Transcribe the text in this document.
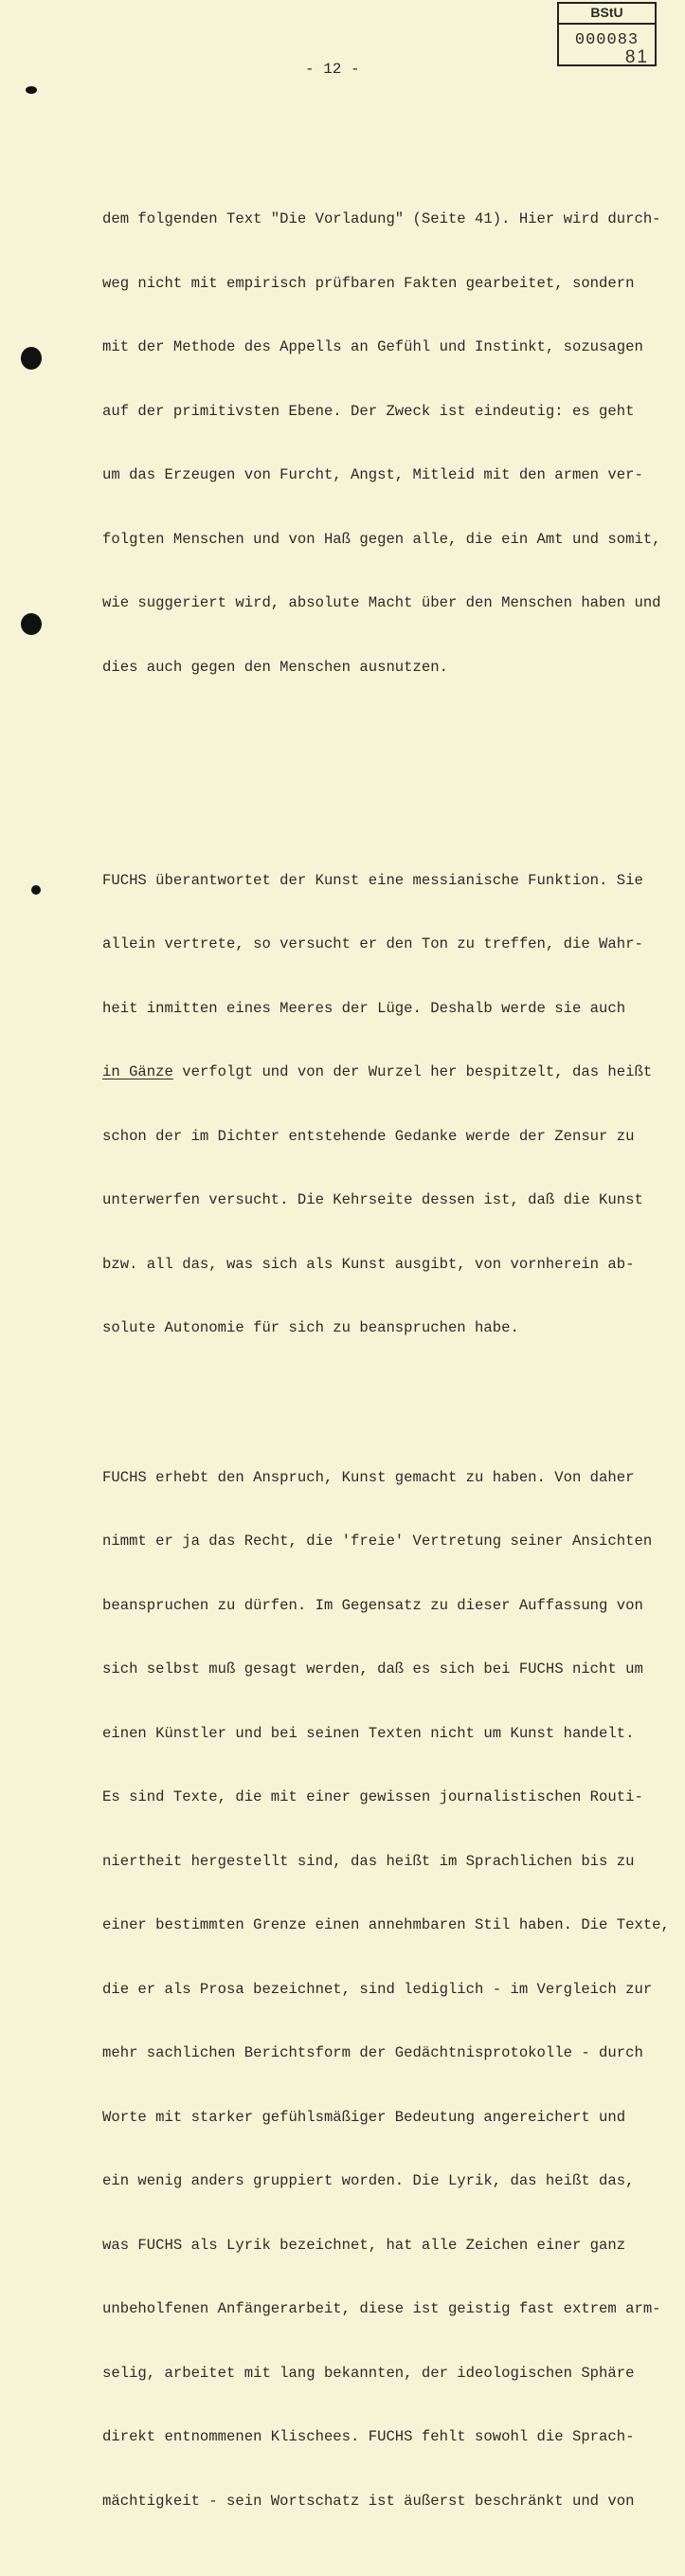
BStU
000083
81
- 12 -

dem folgenden Text "Die Vorladung" (Seite 41). Hier wird durch-

weg nicht mit empirisch prüfbaren Fakten gearbeitet, sondern

mit der Methode des Appells an Gefühl und Instinkt, sozusagen

auf der primitivsten Ebene. Der Zweck ist eindeutig: es geht

um das Erzeugen von Furcht, Angst, Mitleid mit den armen ver-

folgten Menschen und von Haß gegen alle, die ein Amt und somit,

wie suggeriert wird, absolute Macht über den Menschen haben und

dies auch gegen den Menschen ausnutzen.

FUCHS überantwortet der Kunst eine messianische Funktion. Sie

allein vertrete, so versucht er den Ton zu treffen, die Wahr-

heit inmitten eines Meeres der Lüge. Deshalb werde sie auch

in Gänze verfolgt und von der Wurzel her bespitzelt, das heißt

schon der im Dichter entstehende Gedanke werde der Zensur zu

unterwerfen versucht. Die Kehrseite dessen ist, daß die Kunst

bzw. all das, was sich als Kunst ausgibt, von vornherein ab-

solute Autonomie für sich zu beanspruchen habe.

FUCHS erhebt den Anspruch, Kunst gemacht zu haben. Von daher

nimmt er ja das Recht, die 'freie' Vertretung seiner Ansichten

beanspruchen zu dürfen. Im Gegensatz zu dieser Auffassung von

sich selbst muß gesagt werden, daß es sich bei FUCHS nicht um

einen Künstler und bei seinen Texten nicht um Kunst handelt.

Es sind Texte, die mit einer gewissen journalistischen Routi-

niertheit hergestellt sind, das heißt im Sprachlichen bis zu

einer bestimmten Grenze einen annehmbaren Stil haben. Die Texte,

die er als Prosa bezeichnet, sind lediglich - im Vergleich zur

mehr sachlichen Berichtsform der Gedächtnisprotokolle - durch

Worte mit starker gefühlsmäßiger Bedeutung angereichert und

ein wenig anders gruppiert worden. Die Lyrik, das heißt das,

was FUCHS als Lyrik bezeichnet, hat alle Zeichen einer ganz

unbeholfenen Anfängerarbeit, diese ist geistig fast extrem arm-

selig, arbeitet mit lang bekannten, der ideologischen Sphäre

direkt entnommenen Klischees. FUCHS fehlt sowohl die Sprach-

mächtigkeit - sein Wortschatz ist äußerst beschränkt und von
